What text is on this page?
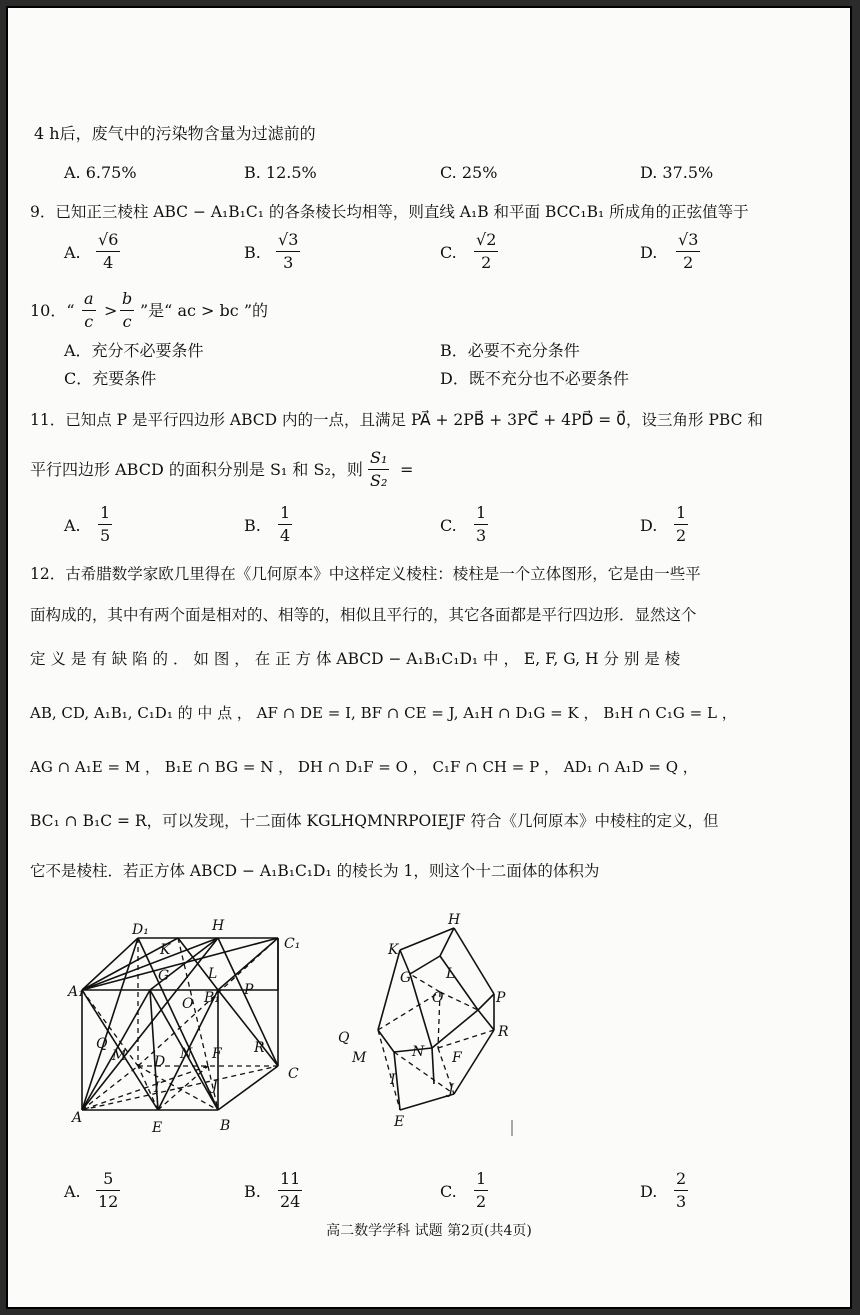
4 h后，废气中的污染物含量为过滤前的
A. 6.75%	B. 12.5%	C. 25%	D. 37.5%
9．已知正三棱柱 ABC − A₁B₁C₁ 的各条棱长均相等，则直线 A₁B 和平面 BCC₁B₁ 所成角的正弦值等于
A.
√6
4
B.
√3
3
C.
√2
2
D.
√3
2
10．“
a
c
>
b
c
”是“ ac > bc ”的
A．充分不必要条件	B．必要不充分条件
C．充要条件	D．既不充分也不必要条件
11．已知点 P 是平行四边形 ABCD 内的一点，且满足 PA⃗ + 2PB⃗ + 3PC⃗ + 4PD⃗ = 0⃗，设三角形 PBC 和
平行四边形 ABCD 的面积分别是 S₁ 和 S₂，则
S₁
S₂
=
A.
1
5
B.
1
4
C.
1
3
D.
1
2
12．古希腊数学家欧几里得在《几何原本》中这样定义棱柱：棱柱是一个立体图形，它是由一些平
面构成的，其中有两个面是相对的、相等的，相似且平行的，其它各面都是平行四边形．显然这个
定 义 是 有 缺 陷 的 ． 如 图 ， 在 正 方 体 ABCD − A₁B₁C₁D₁ 中 ， E, F, G, H 分 别 是 棱
AB, CD, A₁B₁, C₁D₁ 的 中 点 ， AF ∩ DE = I, BF ∩ CE = J, A₁H ∩ D₁G = K ， B₁H ∩ C₁G = L ，
AG ∩ A₁E = M ， B₁E ∩ BG = N ， DH ∩ D₁F = O ， C₁F ∩ CH = P ， AD₁ ∩ A₁D = Q ，
BC₁ ∩ B₁C = R，可以发现，十二面体 KGLHQMNRPOIEJF 符合《几何原本》中棱柱的定义，但
它不是棱柱．若正方体 ABCD − A₁B₁C₁D₁ 的棱长为 1，则这个十二面体的体积为
D₁	H
C₁
K
G	L
A₁
O B₁ P
Q
M D N F R
I	J
C
A
E	B
H
K
G L
O	P
Q	R
M	N F
I
J
E
A.
5
12
B.
11
24
C.
1
2
D.
2
3
高二数学学科 试题 第2页(共4页)
